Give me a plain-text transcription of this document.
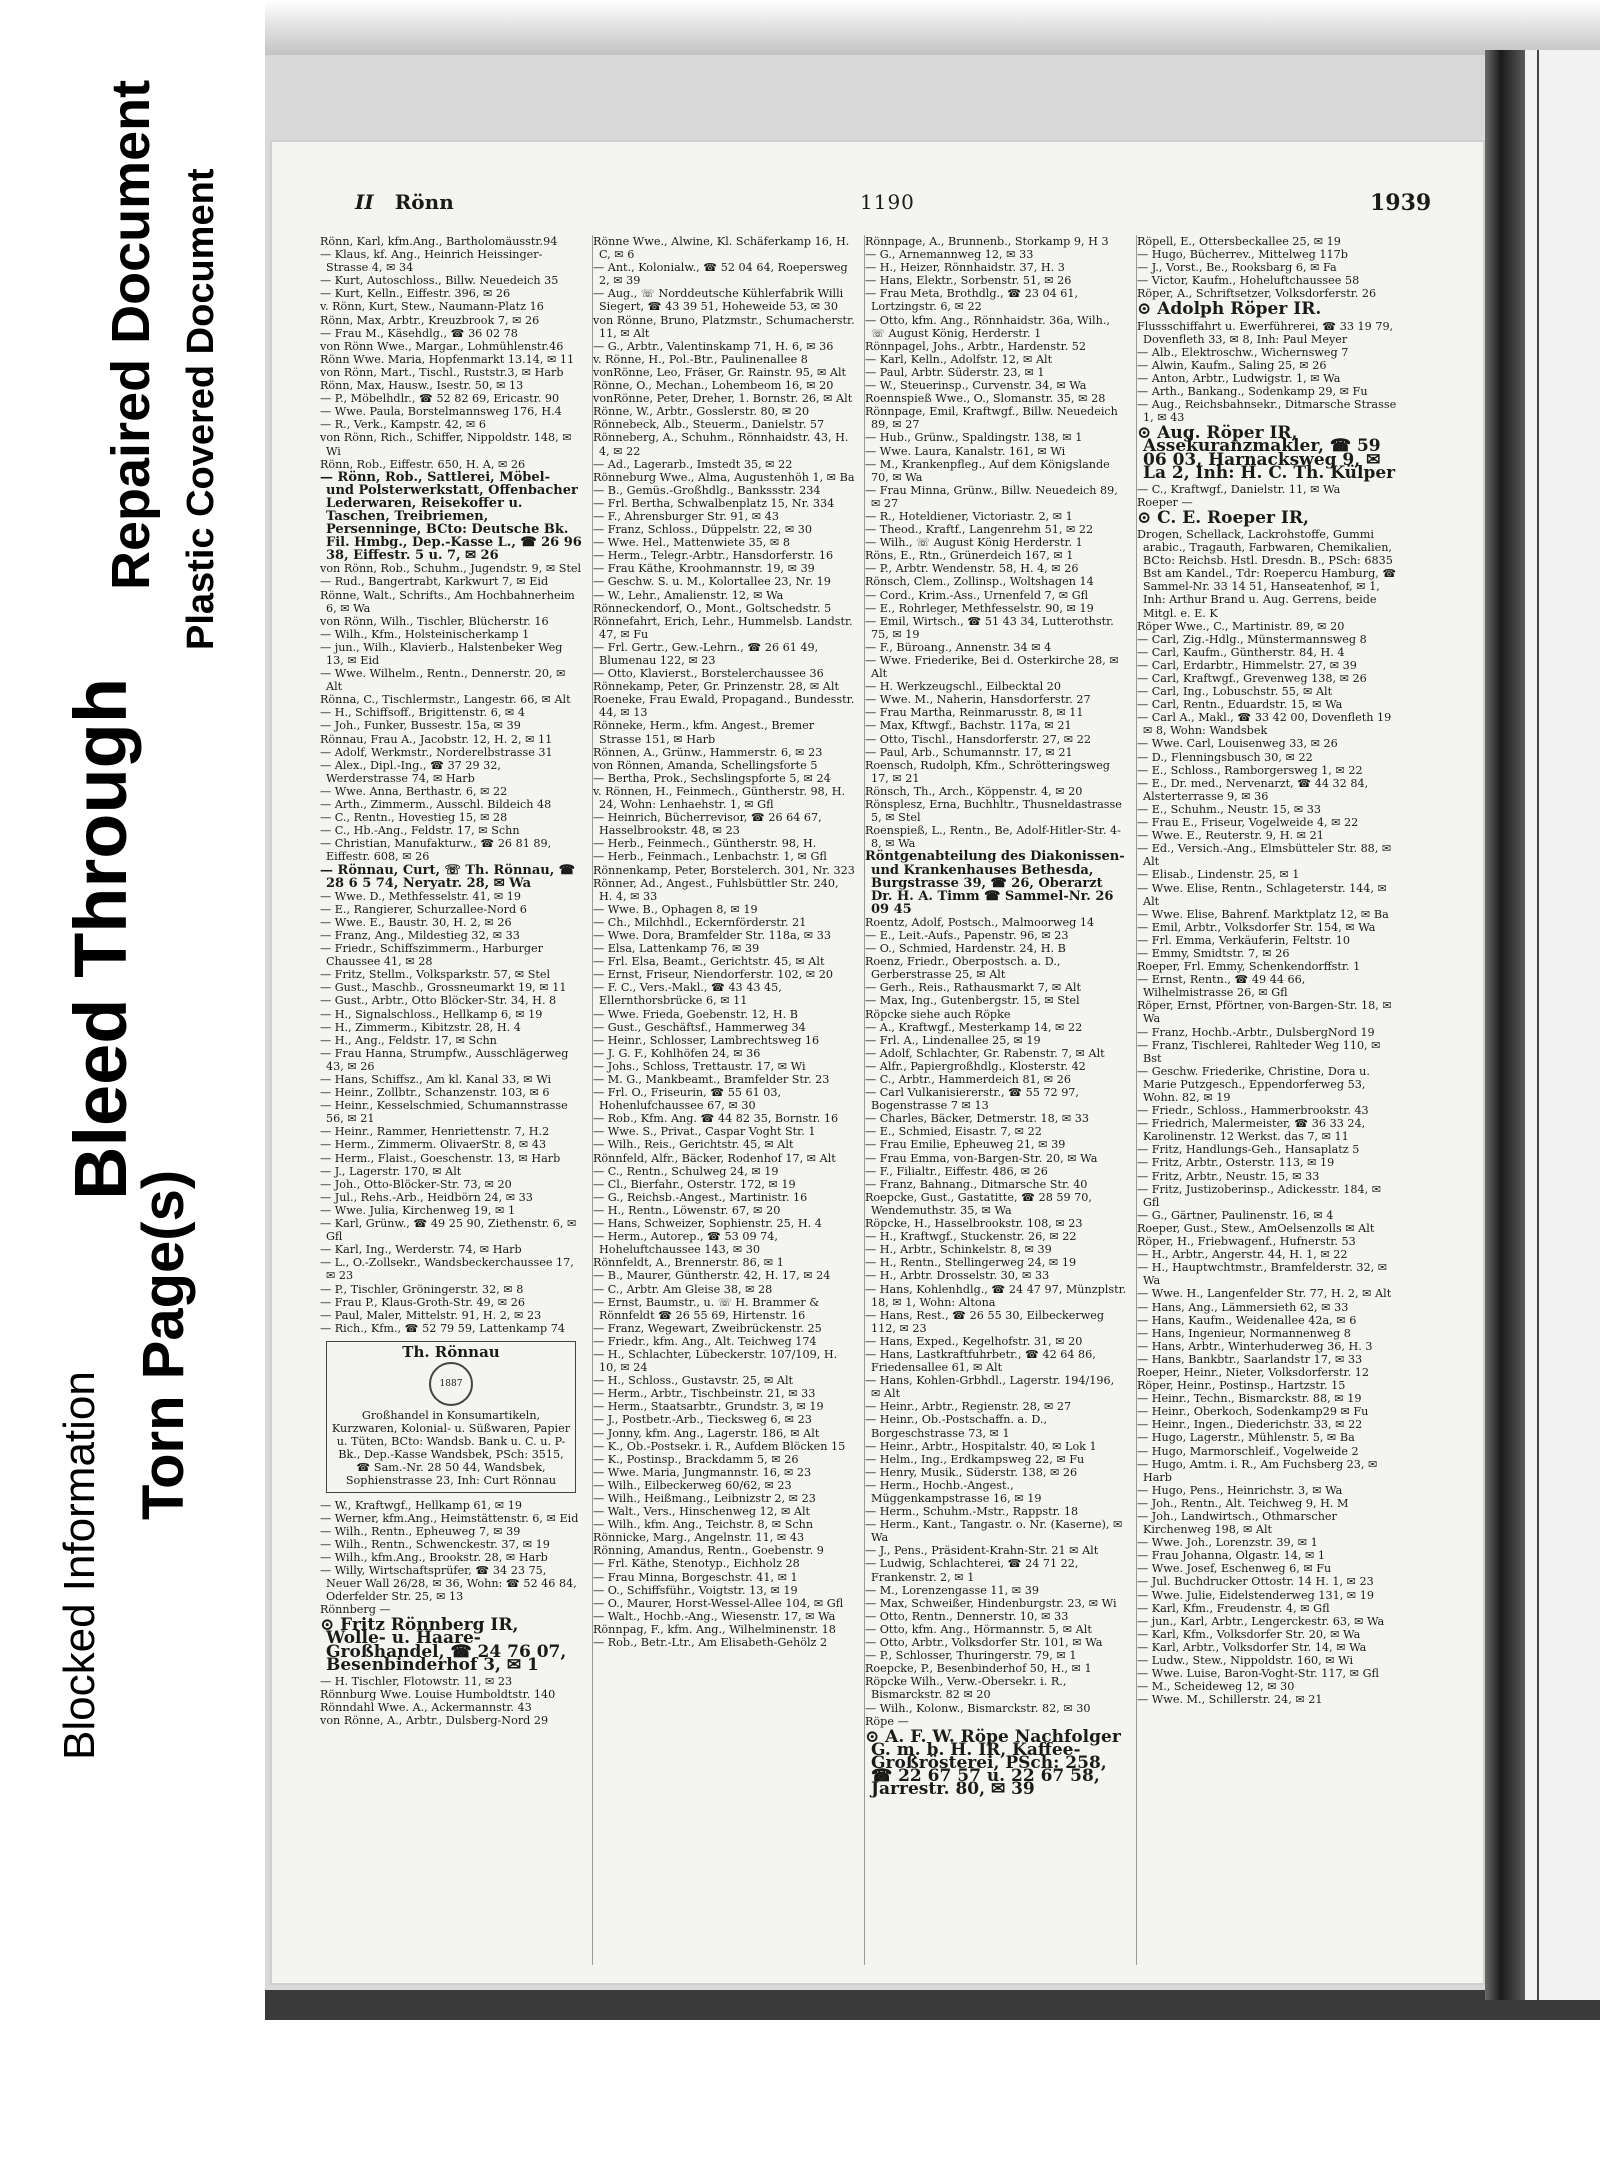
Blocked Information
Torn Page(s)
Bleed Through
Repaired Document Plastic Covered Document	II Rönn	1190	1939

Rönn, Karl, kfm.Ang., Bartholomäusstr.94

— Klaus, kf. Ang., Heinrich Heissinger-Strasse 4, ✉ 34

— Kurt, Autoschloss., Billw. Neuedeich 35

— Kurt, Kelln., Eiffestr. 396, ✉ 26

v. Rönn, Kurt, Stew., Naumann-Platz 16

Rönn, Max, Arbtr., Kreuzbrook 7, ✉ 26

— Frau M., Käsehdlg., ☎ 36 02 78

von Rönn Wwe., Margar., Lohmühlenstr.46

Rönn Wwe. Maria, Hopfenmarkt 13.14, ✉ 11

von Rönn, Mart., Tischl., Ruststr.3, ✉ Harb

Rönn, Max, Hausw., Isestr. 50, ✉ 13

— P., Möbelhdlr., ☎ 52 82 69, Ericastr. 90

— Wwe. Paula, Borstelmannsweg 176, H.4

— R., Verk., Kampstr. 42, ✉ 6

von Rönn, Rich., Schiffer, Nippoldstr. 148, ✉ Wi

Rönn, Rob., Eiffestr. 650, H. A, ✉ 26

— Rönn, Rob., Sattlerei, Möbel- und Polsterwerkstatt, Offenbacher Lederwaren, Reisekoffer u. Taschen, Treibriemen, Persenninge, BCto: Deutsche Bk. Fil. Hmbg., Dep.-Kasse L., ☎ 26 96 38, Eiffestr. 5 u. 7, ✉ 26

von Rönn, Rob., Schuhm., Jugendstr. 9, ✉ Stel

— Rud., Bangertrabt, Karkwurt 7, ✉ Eid

Rönne, Walt., Schrifts., Am Hochbahnerheim 6, ✉ Wa

von Rönn, Wilh., Tischler, Blücherstr. 16

— Wilh., Kfm., Holsteinischerkamp 1

— jun., Wilh., Klavierb., Halstenbeker Weg 13, ✉ Eid

— Wwe. Wilhelm., Rentn., Dennerstr. 20, ✉ Alt

Rönna, C., Tischlermstr., Langestr. 66, ✉ Alt

— H., Schiffsoff., Brigittenstr. 6, ✉ 4

— Joh., Funker, Bussestr. 15a, ✉ 39

Rönnau, Frau A., Jacobstr. 12, H. 2, ✉ 11

— Adolf, Werkmstr., Norderelbstrasse 31

— Alex., Dipl.-Ing., ☎ 37 29 32, Werderstrasse 74, ✉ Harb

— Wwe. Anna, Berthastr. 6, ✉ 22

— Arth., Zimmerm., Ausschl. Bildeich 48

— C., Rentn., Hovestieg 15, ✉ 28

— C., Hb.-Ang., Feldstr. 17, ✉ Schn

— Christian, Manufakturw., ☎ 26 81 89, Eiffestr. 608, ✉ 26

— Rönnau, Curt, ☏ Th. Rönnau, ☎ 28 6 5 74, Neryatr. 28, ✉ Wa

— Wwe. D., Methfesselstr. 41, ✉ 19

— E., Rangierer, Schurzallee-Nord 6

— Wwe. E., Baustr. 30, H. 2, ✉ 26

— Franz, Ang., Mildestieg 32, ✉ 33

— Friedr., Schiffszimmerm., Harburger Chaussee 41, ✉ 28

— Fritz, Stellm., Volksparkstr. 57, ✉ Stel

— Gust., Maschb., Grossneumarkt 19, ✉ 11

— Gust., Arbtr., Otto Blöcker-Str. 34, H. 8

— H., Signalschloss., Hellkamp 6, ✉ 19

— H., Zimmerm., Kibitzstr. 28, H. 4

— H., Ang., Feldstr. 17, ✉ Schn

— Frau Hanna, Strumpfw., Ausschlägerweg 43, ✉ 26

— Hans, Schiffsz., Am kl. Kanal 33, ✉ Wi

— Heinr., Zollbtr., Schanzenstr. 103, ✉ 6

— Heinr., Kesselschmied, Schumannstrasse 56, ✉ 21

— Heinr., Rammer, Henriettenstr. 7, H.2

— Herm., Zimmerm. OlivaerStr. 8, ✉ 43

— Herm., Flaist., Goeschenstr. 13, ✉ Harb

— J., Lagerstr. 170, ✉ Alt

— Joh., Otto-Blöcker-Str. 73, ✉ 20

— Jul., Rehs.-Arb., Heidbörn 24, ✉ 33

— Wwe. Julia, Kirchenweg 19, ✉ 1

— Karl, Grünw., ☎ 49 25 90, Ziethenstr. 6, ✉ Gfl

— Karl, Ing., Werderstr. 74, ✉ Harb

— L., O.-Zollsekr., Wandsbeckerchaussee 17, ✉ 23

— P., Tischler, Gröningerstr. 32, ✉ 8

— Frau P., Klaus-Groth-Str. 49, ✉ 26

— Paul, Maler, Mittelstr. 91, H. 2, ✉ 23

— Rich., Kfm., ☎ 52 79 59, Lattenkamp 74

Th. Rönnau
1887
Großhandel in Konsumartikeln, Kurzwaren, Kolonial- u. Süßwaren, Papier u. Tüten, BCto: Wandsb. Bank u. C. u. P-Bk., Dep.-Kasse Wandsbek, PSch: 3515, ☎ Sam.-Nr. 28 50 44, Wandsbek, Sophienstrasse 23, Inh: Curt Rönnau

— W., Kraftwgf., Hellkamp 61, ✉ 19

— Werner, kfm.Ang., Heimstättenstr. 6, ✉ Eid

— Wilh., Rentn., Epheuweg 7, ✉ 39

— Wilh., Rentn., Schwenckestr. 37, ✉ 19

— Wilh., kfm.Ang., Brookstr. 28, ✉ Harb

— Willy, Wirtschaftsprüfer, ☎ 34 23 75, Neuer Wall 26/28, ✉ 36, Wohn: ☎ 52 46 84, Oderfelder Str. 25, ✉ 13

Rönnberg —

⊙ Fritz Rönnberg IR, Wolle- u. Haare-Großhandel, ☎ 24 76 07, Besenbinderhof 3, ✉ 1

— H. Tischler, Flotowstr. 11, ✉ 23

Rönnburg Wwe. Louise Humboldtstr. 140

Rönndahl Wwe. A., Ackermannstr. 43

von Rönne, A., Arbtr., Dulsberg-Nord 29

Rönne Wwe., Alwine, Kl. Schäferkamp 16, H. C, ✉ 6

— Ant., Kolonialw., ☎ 52 04 64, Roepersweg 2, ✉ 39

— Aug., ☏ Norddeutsche Kühlerfabrik Willi Siegert, ☎ 43 39 51, Hoheweide 53, ✉ 30

von Rönne, Bruno, Platzmstr., Schumacherstr. 11, ✉ Alt

— G., Arbtr., Valentinskamp 71, H. 6, ✉ 36

v. Rönne, H., Pol.-Btr., Paulinenallee 8

vonRönne, Leo, Fräser, Gr. Rainstr. 95, ✉ Alt

Rönne, O., Mechan., Lohembeom 16, ✉ 20

vonRönne, Peter, Dreher, 1. Bornstr. 26, ✉ Alt

Rönne, W., Arbtr., Gosslerstr. 80, ✉ 20

Rönnebeck, Alb., Steuerm., Danielstr. 57

Rönneberg, A., Schuhm., Rönnhaidstr. 43, H. 4, ✉ 22

— Ad., Lagerarb., Imstedt 35, ✉ 22

Rönneburg Wwe., Alma, Augustenhöh 1, ✉ Ba

— B., Gemüs.-Großhdlg., Bankssstr. 234

— Frl. Bertha, Schwalbenplatz 15, Nr. 334

— F., Ahrensburger Str. 91, ✉ 43

— Franz, Schloss., Düppelstr. 22, ✉ 30

— Wwe. Hel., Mattenwiete 35, ✉ 8

— Herm., Telegr.-Arbtr., Hansdorferstr. 16

— Frau Käthe, Kroohmannstr. 19, ✉ 39

— Geschw. S. u. M., Kolortallee 23, Nr. 19

— W., Lehr., Amalienstr. 12, ✉ Wa

Rönneckendorf, O., Mont., Goltschedstr. 5

Rönnefahrt, Erich, Lehr., Hummelsb. Landstr. 47, ✉ Fu

— Frl. Gertr., Gew.-Lehrn., ☎ 26 61 49, Blumenau 122, ✉ 23

— Otto, Klavierst., Borstelerchaussee 36

Rönnekamp, Peter, Gr. Prinzenstr. 28, ✉ Alt

Roeneke, Frau Ewald, Propagand., Bundesstr. 44, ✉ 13

Rönneke, Herm., kfm. Angest., Bremer Strasse 151, ✉ Harb

Rönnen, A., Grünw., Hammerstr. 6, ✉ 23

von Rönnen, Amanda, Schellingsforte 5

— Bertha, Prok., Sechslingspforte 5, ✉ 24

v. Rönnen, H., Feinmech., Güntherstr. 98, H. 24, Wohn: Lenhaehstr. 1, ✉ Gfl

— Heinrich, Bücherrevisor, ☎ 26 64 67, Hasselbrookstr. 48, ✉ 23

— Herb., Feinmech., Güntherstr. 98, H.

— Herb., Feinmach., Lenbachstr. 1, ✉ Gfl

Rönnenkamp, Peter, Borstelerch. 301, Nr. 323

Rönner, Ad., Angest., Fuhlsbüttler Str. 240, H. 4, ✉ 33

— Wwe. B., Ophagen 8, ✉ 19

— Ch., Milchhdl., Eckernförderstr. 21

— Wwe. Dora, Bramfelder Str. 118a, ✉ 33

— Elsa, Lattenkamp 76, ✉ 39

— Frl. Elsa, Beamt., Gerichtstr. 45, ✉ Alt

— Ernst, Friseur, Niendorferstr. 102, ✉ 20

— F. C., Vers.-Makl., ☎ 43 43 45, Ellernthorsbrücke 6, ✉ 11

— Wwe. Frieda, Goebenstr. 12, H. B

— Gust., Geschäftsf., Hammerweg 34

— Heinr., Schlosser, Lambrechtsweg 16

— J. G. F., Kohlhöfen 24, ✉ 36

— Johs., Schloss, Trettaustr. 17, ✉ Wi

— M. G., Mankbeamt., Bramfelder Str. 23

— Frl. O., Friseurin, ☎ 55 61 03, Hohenlufchaussee 67, ✉ 30

— Rob., Kfm. Ang. ☎ 44 82 35, Bornstr. 16

— Wwe. S., Privat., Caspar Voght Str. 1

— Wilh., Reis., Gerichtstr. 45, ✉ Alt

Rönnfeld, Alfr., Bäcker, Rodenhof 17, ✉ Alt

— C., Rentn., Schulweg 24, ✉ 19

— Cl., Bierfahr., Osterstr. 172, ✉ 19

— G., Reichsb.-Angest., Martinistr. 16

— H., Rentn., Löwenstr. 67, ✉ 20

— Hans, Schweizer, Sophienstr. 25, H. 4

— Herm., Autorep., ☎ 53 09 74, Hoheluftchaussee 143, ✉ 30

Rönnfeldt, A., Brennerstr. 86, ✉ 1

— B., Maurer, Güntherstr. 42, H. 17, ✉ 24

— C., Arbtr. Am Gleise 38, ✉ 28

— Ernst, Baumstr., u. ☏ H. Brammer & Rönnfeldt ☎ 26 55 69, Hirtenstr. 16

— Franz, Wegewart, Zweibrückenstr. 25

— Friedr., kfm. Ang., Alt. Teichweg 174

— H., Schlachter, Lübeckerstr. 107/109, H. 10, ✉ 24

— H., Schloss., Gustavstr. 25, ✉ Alt

— Herm., Arbtr., Tischbeinstr. 21, ✉ 33

— Herm., Staatsarbtr., Grundstr. 3, ✉ 19

— J., Postbetr.-Arb., Tiecksweg 6, ✉ 23

— Jonny, kfm. Ang., Lagerstr. 186, ✉ Alt

— K., Ob.-Postsekr. i. R., Aufdem Blöcken 15

— K., Postinsp., Brackdamm 5, ✉ 26

— Wwe. Maria, Jungmannstr. 16, ✉ 23

— Wilh., Eilbeckerweg 60/62, ✉ 23

— Wilh., Heißmang., Leibnizstr 2, ✉ 23

— Walt., Vers., Hinschenweg 12, ✉ Alt

— Wilh., kfm. Ang., Teichstr. 8, ✉ Schn

Rönnicke, Marg., Angelnstr. 11, ✉ 43

Rönning, Amandus, Rentn., Goebenstr. 9

— Frl. Käthe, Stenotyp., Eichholz 28

— Frau Minna, Borgeschstr. 41, ✉ 1

— O., Schiffsführ., Voigtstr. 13, ✉ 19

— O., Maurer, Horst-Wessel-Allee 104, ✉ Gfl

— Walt., Hochb.-Ang., Wiesenstr. 17, ✉ Wa

Rönnpag, F., kfm. Ang., Wilhelminenstr. 18

— Rob., Betr.-Ltr., Am Elisabeth-Gehölz 2

Rönnpage, A., Brunnenb., Storkamp 9, H 3

— G., Arnemannweg 12, ✉ 33

— H., Heizer, Rönnhaidstr. 37, H. 3

— Hans, Elektr., Sorbenstr. 51, ✉ 26

— Frau Meta, Brothdlg., ☎ 23 04 61, Lortzingstr. 6, ✉ 22

— Otto, kfm. Ang., Rönnhaidstr. 36a, Wilh., ☏ August König, Herderstr. 1

Rönnpagel, Johs., Arbtr., Hardenstr. 52

— Karl, Kelln., Adolfstr. 12, ✉ Alt

— Paul, Arbtr. Süderstr. 23, ✉ 1

— W., Steuerinsp., Curvenstr. 34, ✉ Wa

Roennspieß Wwe., O., Slomanstr. 35, ✉ 28

Rönnpage, Emil, Kraftwgf., Billw. Neuedeich 89, ✉ 27

— Hub., Grünw., Spaldingstr. 138, ✉ 1

— Wwe. Laura, Kanalstr. 161, ✉ Wi

— M., Krankenpfleg., Auf dem Königslande 70, ✉ Wa

— Frau Minna, Grünw., Billw. Neuedeich 89, ✉ 27

— R., Hoteldiener, Victoriastr. 2, ✉ 1

— Theod., Kraftf., Langenrehm 51, ✉ 22

— Wilh., ☏ August König Herderstr. 1

Röns, E., Rtn., Grünerdeich 167, ✉ 1

— P., Arbtr. Wendenstr. 58, H. 4, ✉ 26

Rönsch, Clem., Zollinsp., Woltshagen 14

— Cord., Krim.-Ass., Urnenfeld 7, ✉ Gfl

— E., Rohrleger, Methfesselstr. 90, ✉ 19

— Emil, Wirtsch., ☎ 51 43 34, Lutterothstr. 75, ✉ 19

— F., Büroang., Annenstr. 34 ✉ 4

— Wwe. Friederike, Bei d. Osterkirche 28, ✉ Alt

— H. Werkzeugschl., Eilbecktal 20

— Wwe. M., Naherin, Hansdorferstr. 27

— Frau Martha, Reinmarusstr. 8, ✉ 11

— Max, Kftwgf., Bachstr. 117a, ✉ 21

— Otto, Tischl., Hansdorferstr. 27, ✉ 22

— Paul, Arb., Schumannstr. 17, ✉ 21

Roensch, Rudolph, Kfm., Schrötteringsweg 17, ✉ 21

Rönsch, Th., Arch., Köppenstr. 4, ✉ 20

Rönsplesz, Erna, Buchhltr., Thusneldastrasse 5, ✉ Stel

Roenspieß, L., Rentn., Be, Adolf-Hitler-Str. 4-8, ✉ Wa

Röntgenabteilung des Diakonissen- und Krankenhauses Bethesda, Burgstrasse 39, ☎ 26, Oberarzt Dr. H. A. Timm ☎ Sammel-Nr. 26 09 45

Roentz, Adolf, Postsch., Malmoorweg 14

— E., Leit.-Aufs., Papenstr. 96, ✉ 23

— O., Schmied, Hardenstr. 24, H. B

Roenz, Friedr., Oberpostsch. a. D., Gerberstrasse 25, ✉ Alt

— Gerh., Reis., Rathausmarkt 7, ✉ Alt

— Max, Ing., Gutenbergstr. 15, ✉ Stel

Röpcke siehe auch Röpke

— A., Kraftwgf., Mesterkamp 14, ✉ 22

— Frl. A., Lindenallee 25, ✉ 19

— Adolf, Schlachter, Gr. Rabenstr. 7, ✉ Alt

— Alfr., Papiergroßhdlg., Klosterstr. 42

— C., Arbtr., Hammerdeich 81, ✉ 26

— Carl Vulkanisiererstr., ☎ 55 72 97, Bogenstrasse 7 ✉ 13

— Charles, Bäcker, Detmerstr. 18, ✉ 33

— E., Schmied, Eisastr. 7, ✉ 22

— Frau Emilie, Epheuweg 21, ✉ 39

— Frau Emma, von-Bargen-Str. 20, ✉ Wa

— F., Filialtr., Eiffestr. 486, ✉ 26

— Franz, Bahnang., Ditmarsche Str. 40

Roepcke, Gust., Gastatitte, ☎ 28 59 70, Wendemuthstr. 35, ✉ Wa

Röpcke, H., Hasselbrookstr. 108, ✉ 23

— H., Kraftwgf., Stuckenstr. 26, ✉ 22

— H., Arbtr., Schinkelstr. 8, ✉ 39

— H., Rentn., Stellingerweg 24, ✉ 19

— H., Arbtr. Drosselstr. 30, ✉ 33

— Hans, Kohlenhdlg., ☎ 24 47 97, Münzplstr. 18, ✉ 1, Wohn: Altona

— Hans, Rest., ☎ 26 55 30, Eilbeckerweg 112, ✉ 23

— Hans, Exped., Kegelhofstr. 31, ✉ 20

— Hans, Lastkraftfuhrbetr., ☎ 42 64 86, Friedensallee 61, ✉ Alt

— Hans, Kohlen-Grbhdl., Lagerstr. 194/196, ✉ Alt

— Heinr., Arbtr., Regienstr. 28, ✉ 27

— Heinr., Ob.-Postschaffn. a. D., Borgeschstrasse 73, ✉ 1

— Heinr., Arbtr., Hospitalstr. 40, ✉ Lok 1

— Helm., Ing., Erdkampsweg 22, ✉ Fu

— Henry, Musik., Süderstr. 138, ✉ 26

— Herm., Hochb.-Angest., Müggenkampstrasse 16, ✉ 19

— Herm., Schuhm.-Mstr., Rappstr. 18

— Herm., Kant., Tangastr. o. Nr. (Kaserne), ✉ Wa

— J., Pens., Präsident-Krahn-Str. 21 ✉ Alt

— Ludwig, Schlachterei, ☎ 24 71 22, Frankenstr. 2, ✉ 1

— M., Lorenzengasse 11, ✉ 39

— Max, Schweißer, Hindenburgstr. 23, ✉ Wi

— Otto, Rentn., Dennerstr. 10, ✉ 33

— Otto, kfm. Ang., Hörmannstr. 5, ✉ Alt

— Otto, Arbtr., Volksdorfer Str. 101, ✉ Wa

— P., Schlosser, Thuringerstr. 79, ✉ 1

Roepcke, P., Besenbinderhof 50, H., ✉ 1

Röpcke Wilh., Verw.-Obersekr. i. R., Bismarckstr. 82 ✉ 20

— Wilh., Kolonw., Bismarckstr. 82, ✉ 30

Röpe —

⊙ A. F. W. Röpe Nachfolger G. m. b. H. IR, Kaffee-Großrösterei, PSch: 258, ☎ 22 67 57 u. 22 67 58, Jarrestr. 80, ✉ 39

Röpell, E., Ottersbeckallee 25, ✉ 19

— Hugo, Bücherrev., Mittelweg 117b

— J., Vorst., Be., Rooksbarg 6, ✉ Fa

— Victor, Kaufm., Hoheluftchaussee 58

Röper, A., Schriftsetzer, Volksdorferstr. 26

⊙ Adolph Röper IR.

Flussschiffahrt u. Ewerführerei, ☎ 33 19 79, Dovenfleth 33, ✉ 8, Inh: Paul Meyer

— Alb., Elektroschw., Wichernsweg 7

— Alwin, Kaufm., Saling 25, ✉ 26

— Anton, Arbtr., Ludwigstr. 1, ✉ Wa

— Arth., Bankang., Sodenkamp 29, ✉ Fu

— Aug., Reichsbahnsekr., Ditmarsche Strasse 1, ✉ 43

⊙ Aug. Röper IR, Assekuranzmakler, ☎ 59 06 03, Harnacksweg 9, ✉ La 2, Inh: H. C. Th. Külper

— C., Kraftwgf., Danielstr. 11, ✉ Wa

Roeper —

⊙ C. E. Roeper IR,

Drogen, Schellack, Lackrohstoffe, Gummi arabic., Tragauth, Farbwaren, Chemikalien, BCto: Reichsb. Hstl. Dresdn. B., PSch: 6835 Bst am Kandel., Tdr: Roepercu Hamburg, ☎ Sammel-Nr. 33 14 51, Hanseatenhof, ✉ 1, Inh: Arthur Brand u. Aug. Gerrens, beide Mitgl. e. E. K

Röper Wwe., C., Martinistr. 89, ✉ 20

— Carl, Zig.-Hdlg., Münstermannsweg 8

— Carl, Kaufm., Güntherstr. 84, H. 4

— Carl, Erdarbtr., Himmelstr. 27, ✉ 39

— Carl, Kraftwgf., Grevenweg 138, ✉ 26

— Carl, Ing., Lobuschstr. 55, ✉ Alt

— Carl, Rentn., Eduardstr. 15, ✉ Wa

— Carl A., Makl., ☎ 33 42 00, Dovenfleth 19 ✉ 8, Wohn: Wandsbek

— Wwe. Carl, Louisenweg 33, ✉ 26

— D., Flenningsbusch 30, ✉ 22

— E., Schloss., Ramborgersweg 1, ✉ 22

— E., Dr. med., Nervenarzt, ☎ 44 32 84, Alsterterrasse 9, ✉ 36

— E., Schuhm., Neustr. 15, ✉ 33

— Frau E., Friseur, Vogelweide 4, ✉ 22

— Wwe. E., Reuterstr. 9, H. ✉ 21

— Ed., Versich.-Ang., Elmsbütteler Str. 88, ✉ Alt

— Elisab., Lindenstr. 25, ✉ 1

— Wwe. Elise, Rentn., Schlageterstr. 144, ✉ Alt

— Wwe. Elise, Bahrenf. Marktplatz 12, ✉ Ba

— Emil, Arbtr., Volksdorfer Str. 154, ✉ Wa

— Frl. Emma, Verkäuferin, Feltstr. 10

— Emmy, Smidtstr. 7, ✉ 26

Roeper, Frl. Emmy, Schenkendorffstr. 1

— Ernst, Rentn., ☎ 49 44 66, Wilhelmistrasse 26, ✉ Gfl

Röper, Ernst, Pförtner, von-Bargen-Str. 18, ✉ Wa

— Franz, Hochb.-Arbtr., DulsbergNord 19

— Franz, Tischlerei, Rahlteder Weg 110, ✉ Bst

— Geschw. Friederike, Christine, Dora u. Marie Putzgesch., Eppendorferweg 53, Wohn. 82, ✉ 19

— Friedr., Schloss., Hammerbrookstr. 43

— Friedrich, Malermeister, ☎ 36 33 24, Karolinenstr. 12 Werkst. das 7, ✉ 11

— Fritz, Handlungs-Geh., Hansaplatz 5

— Fritz, Arbtr., Osterstr. 113, ✉ 19

— Fritz, Arbtr., Neustr. 15, ✉ 33

— Fritz, Justizoberinsp., Adickesstr. 184, ✉ Gfl

— G., Gärtner, Paulinenstr. 16, ✉ 4

Roeper, Gust., Stew., AmOelsenzolls ✉ Alt

Röper, H., Friebwagenf., Hufnerstr. 53

— H., Arbtr., Angerstr. 44, H. 1, ✉ 22

— H., Hauptwchtmstr., Bramfelderstr. 32, ✉ Wa

— Wwe. H., Langenfelder Str. 77, H. 2, ✉ Alt

— Hans, Ang., Lämmersieth 62, ✉ 33

— Hans, Kaufm., Weidenallee 42a, ✉ 6

— Hans, Ingenieur, Normannenweg 8

— Hans, Arbtr., Winterhuderweg 36, H. 3

— Hans, Bankbtr., Saarlandstr 17, ✉ 33

Roeper, Heinr., Nieter, Volksdorferstr. 12

Röper, Heinr., Postinsp., Hartzstr. 15

— Heinr., Techn., Bismarckstr. 88, ✉ 19

— Heinr., Oberkoch, Sodenkamp29 ✉ Fu

— Heinr., Ingen., Diederichstr. 33, ✉ 22

— Hugo, Lagerstr., Mühlenstr. 5, ✉ Ba

— Hugo, Marmorschleif., Vogelweide 2

— Hugo, Amtm. i. R., Am Fuchsberg 23, ✉ Harb

— Hugo, Pens., Heinrichstr. 3, ✉ Wa

— Joh., Rentn., Alt. Teichweg 9, H. M

— Joh., Landwirtsch., Othmarscher Kirchenweg 198, ✉ Alt

— Wwe. Joh., Lorenzstr. 39, ✉ 1

— Frau Johanna, Olgastr. 14, ✉ 1

— Wwe. Josef, Eschenweg 6, ✉ Fu

— Jul. Buchdrucker Ottostr. 14 H. 1, ✉ 23

— Wwe. Julie, Eidelstenderweg 131, ✉ 19

— Karl, Kfm., Freudenstr. 4, ✉ Gfl

— jun., Karl, Arbtr., Lengerckestr. 63, ✉ Wa

— Karl, Kfm., Volksdorfer Str. 20, ✉ Wa

— Karl, Arbtr., Volksdorfer Str. 14, ✉ Wa

— Ludw., Stew., Nippoldstr. 160, ✉ Wi

— Wwe. Luise, Baron-Voght-Str. 117, ✉ Gfl

— M., Scheideweg 12, ✉ 30

— Wwe. M., Schillerstr. 24, ✉ 21
